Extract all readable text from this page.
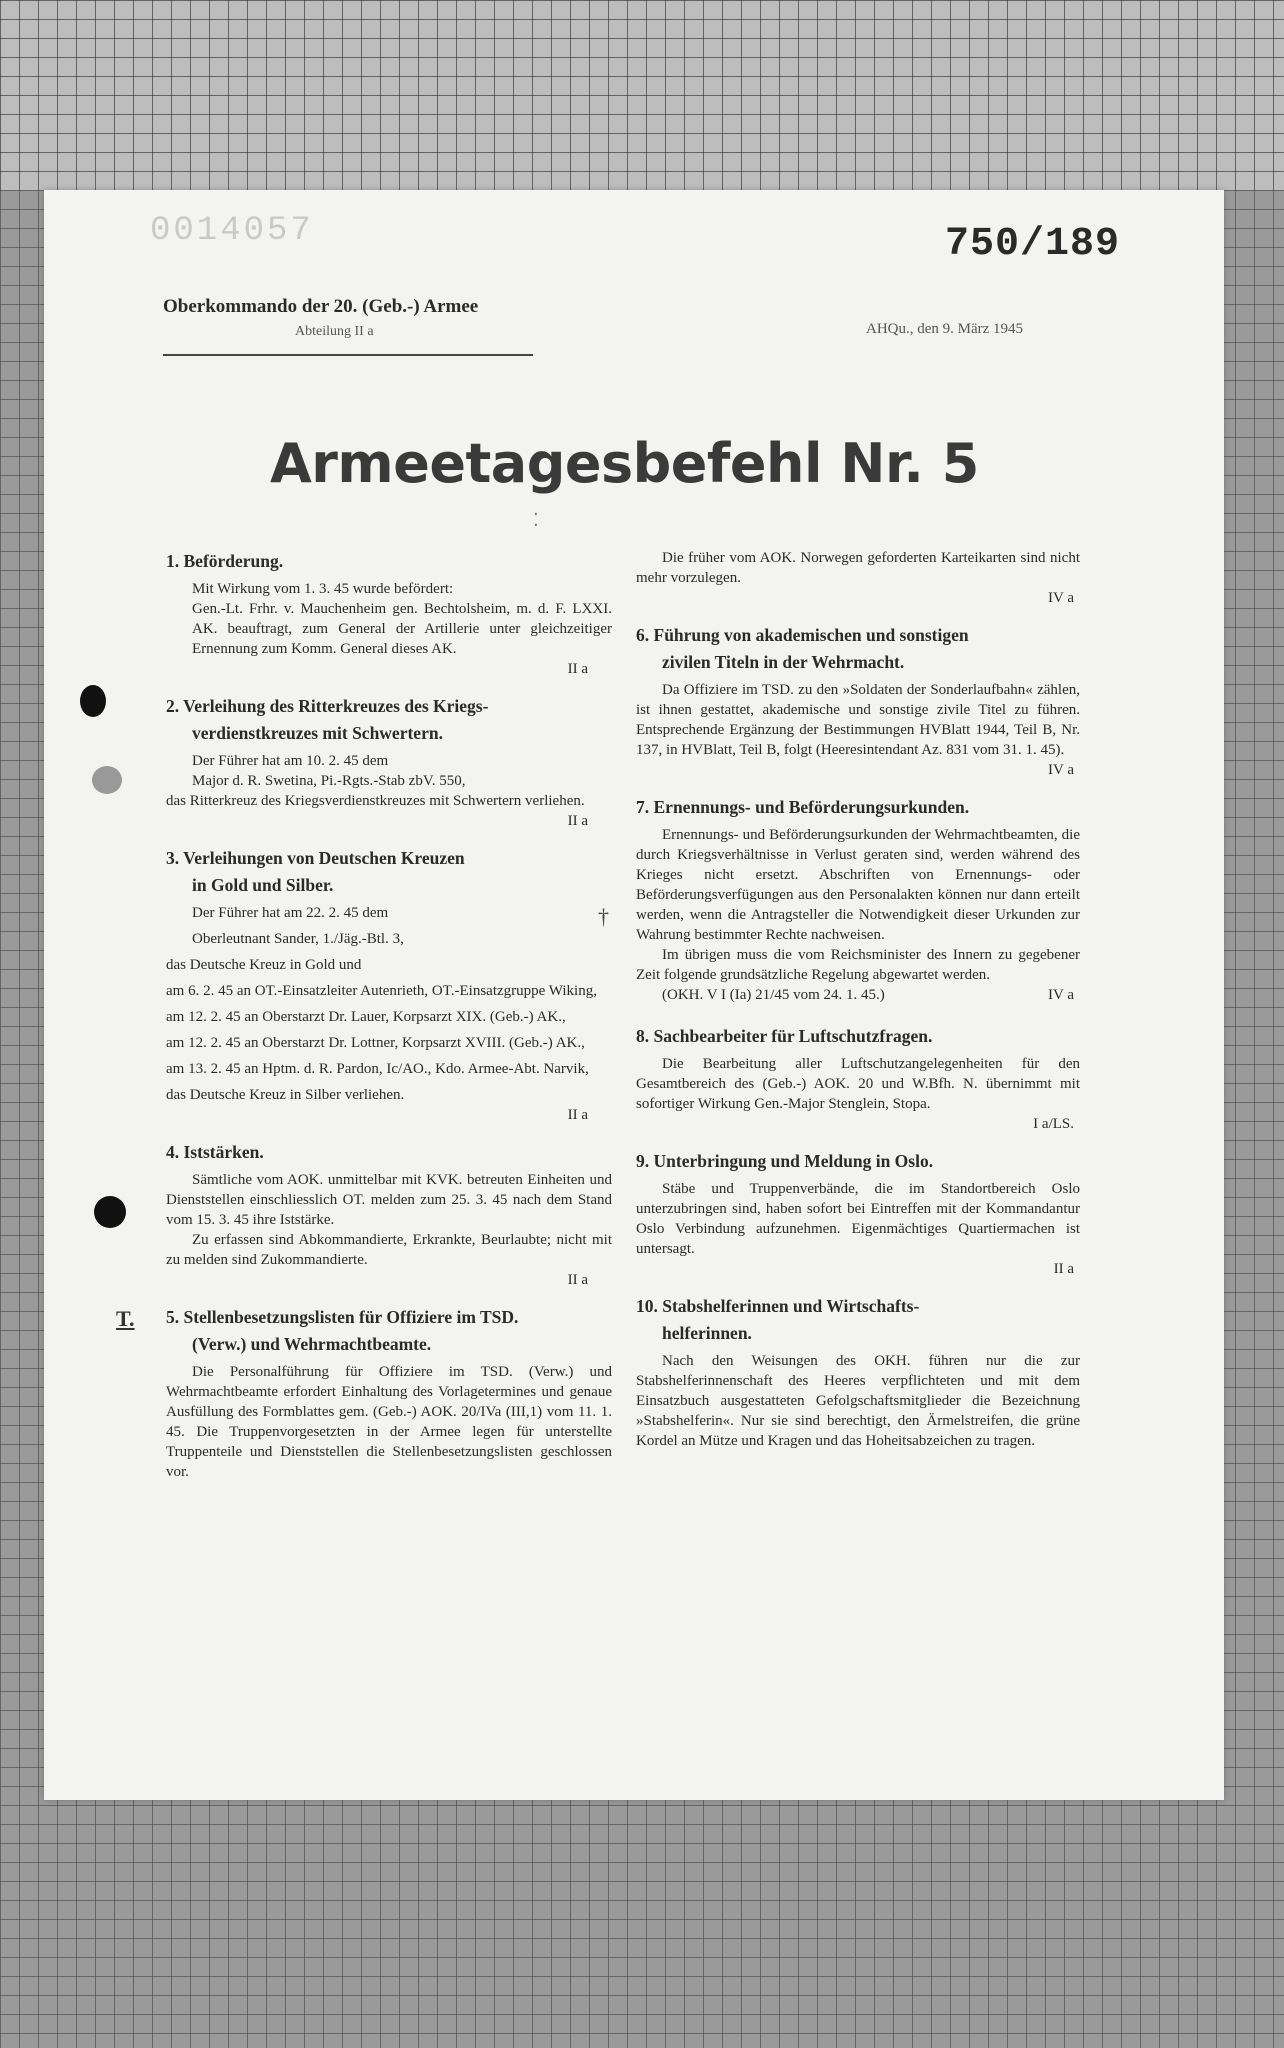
0014057	750/189
Oberkommando der 20. (Geb.-) Armee
Abteilung II a	AHQu., den 9. März 1945
Armeetagesbefehl Nr. 5
⁚
T.
†
1. Beförderung.

Mit Wirkung vom 1. 3. 45 wurde befördert:

Gen.-Lt. Frhr. v. Mauchenheim gen. Bechtolsheim, m. d. F. LXXI. AK. beauftragt, zum General der Artillerie unter gleichzeitiger Ernennung zum Komm. General dieses AK.

II a

2. Verleihung des Ritterkreuzes des Kriegs-
verdienstkreuzes mit Schwertern.

Der Führer hat am 10. 2. 45 dem

Major d. R. Swetina, Pi.-Rgts.-Stab zbV. 550,

das Ritterkreuz des Kriegsverdienstkreuzes mit Schwertern verliehen.

II a

3. Verleihungen von Deutschen Kreuzen
in Gold und Silber.

Der Führer hat am 22. 2. 45 dem

Oberleutnant Sander, 1./Jäg.-Btl. 3,

das Deutsche Kreuz in Gold und

am 6. 2. 45 an OT.-Einsatzleiter Autenrieth, OT.-Einsatzgruppe Wiking,

am 12. 2. 45 an Oberstarzt Dr. Lauer, Korpsarzt XIX. (Geb.-) AK.,

am 12. 2. 45 an Oberstarzt Dr. Lottner, Korpsarzt XVIII. (Geb.-) AK.,

am 13. 2. 45 an Hptm. d. R. Pardon, Ic/AO., Kdo. Armee-Abt. Narvik,

das Deutsche Kreuz in Silber verliehen.

II a

4. Iststärken.

Sämtliche vom AOK. unmittelbar mit KVK. betreuten Einheiten und Dienststellen einschliesslich OT. melden zum 25. 3. 45 nach dem Stand vom 15. 3. 45 ihre Iststärke.

Zu erfassen sind Abkommandierte, Erkrankte, Beurlaubte; nicht mit zu melden sind Zukommandierte.

II a

5. Stellenbesetzungslisten für Offiziere im TSD.
(Verw.) und Wehrmachtbeamte.

Die Personalführung für Offiziere im TSD. (Verw.) und Wehrmachtbeamte erfordert Einhaltung des Vorlagetermines und genaue Ausfüllung des Formblattes gem. (Geb.-) AOK. 20/IVa (III,1) vom 11. 1. 45. Die Truppenvorgesetzten in der Armee legen für unterstellte Truppenteile und Dienststellen die Stellenbesetzungslisten geschlossen vor.

Die früher vom AOK. Norwegen geforderten Karteikarten sind nicht mehr vorzulegen.

IV a

6. Führung von akademischen und sonstigen
zivilen Titeln in der Wehrmacht.

Da Offiziere im TSD. zu den »Soldaten der Sonderlaufbahn« zählen, ist ihnen gestattet, akademische und sonstige zivile Titel zu führen. Entsprechende Ergänzung der Bestimmungen HVBlatt 1944, Teil B, Nr. 137, in HVBlatt, Teil B, folgt (Heeresintendant Az. 831 vom 31. 1. 45).

IV a

7. Ernennungs- und Beförderungsurkunden.

Ernennungs- und Beförderungsurkunden der Wehrmachtbeamten, die durch Kriegsverhältnisse in Verlust geraten sind, werden während des Krieges nicht ersetzt. Abschriften von Ernennungs- oder Beförderungsverfügungen aus den Personalakten können nur dann erteilt werden, wenn die Antragsteller die Notwendigkeit dieser Urkunden zur Wahrung bestimmter Rechte nachweisen.

Im übrigen muss die vom Reichsminister des Innern zu gegebener Zeit folgende grundsätzliche Regelung abgewartet werden.

(OKH. V I (Ia) 21/45 vom 24. 1. 45.)	IV a

8. Sachbearbeiter für Luftschutzfragen.

Die Bearbeitung aller Luftschutzangelegenheiten für den Gesamtbereich des (Geb.-) AOK. 20 und W.Bfh. N. übernimmt mit sofortiger Wirkung Gen.-Major Stenglein, Stopa.

I a/LS.

9. Unterbringung und Meldung in Oslo.

Stäbe und Truppenverbände, die im Standortbereich Oslo unterzubringen sind, haben sofort bei Eintreffen mit der Kommandantur Oslo Verbindung aufzunehmen. Eigenmächtiges Quartiermachen ist untersagt.

II a

10. Stabshelferinnen und Wirtschafts-
helferinnen.

Nach den Weisungen des OKH. führen nur die zur Stabshelferinnenschaft des Heeres verpflichteten und mit dem Einsatzbuch ausgestatteten Gefolgschaftsmitglieder die Bezeichnung »Stabshelferin«. Nur sie sind berechtigt, den Ärmelstreifen, die grüne Kordel an Mütze und Kragen und das Hoheitsabzeichen zu tragen.
